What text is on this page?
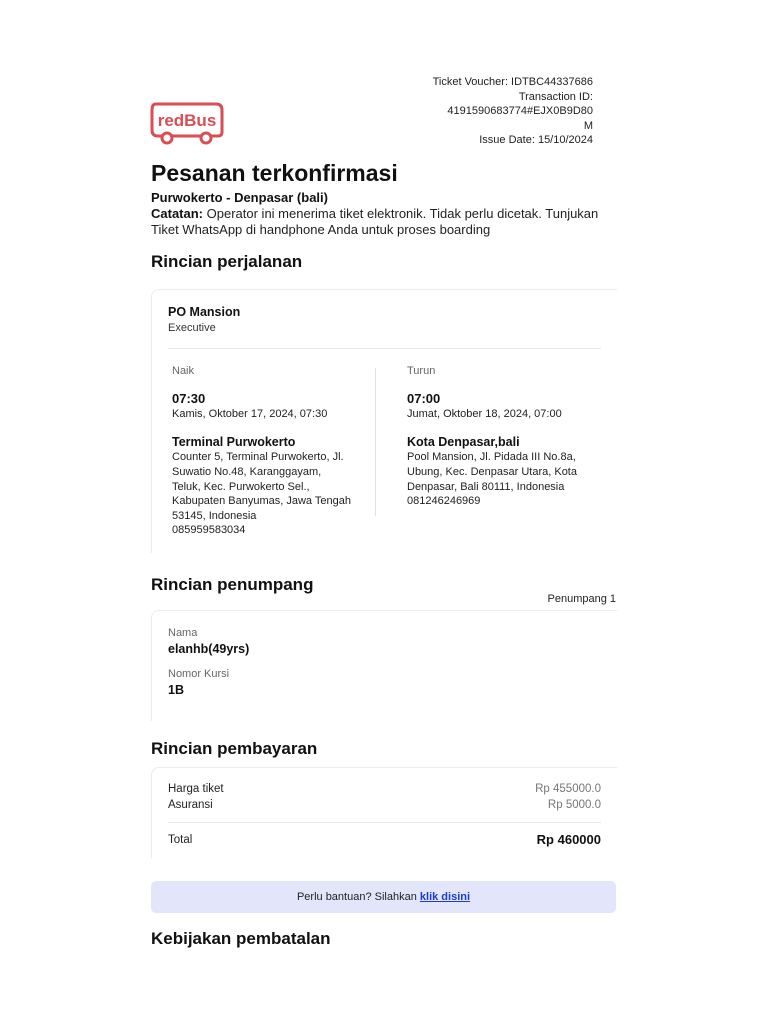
Ticket Voucher: IDTBC44337686
Transaction ID:
4191590683774#EJX0B9D80
M
Issue Date: 15/10/2024
redBus
Pesanan terkonfirmasi
Purwokerto - Denpasar (bali)
Catatan: Operator ini menerima tiket elektronik. Tidak perlu dicetak. Tunjukan Tiket WhatsApp di handphone Anda untuk proses boarding
Rincian perjalanan
PO Mansion
Executive
Naik
07:30
Kamis, Oktober 17, 2024, 07:30
Terminal Purwokerto
Counter 5, Terminal Purwokerto, Jl. Suwatio No.48, Karanggayam, Teluk, Kec. Purwokerto Sel., Kabupaten Banyumas, Jawa Tengah 53145, Indonesia
085959583034
Turun
07:00
Jumat, Oktober 18, 2024, 07:00
Kota Denpasar,bali
Pool Mansion, Jl. Pidada III No.8a, Ubung, Kec. Denpasar Utara, Kota Denpasar, Bali 80111, Indonesia
081246246969
Rincian penumpang
Penumpang 1
Nama
elanhb(49yrs)
Nomor Kursi
1B
Rincian pembayaran
Harga tiket	Rp 455000.0
Asuransi	Rp 5000.0
Total	Rp 460000
Perlu bantuan? Silahkan klik disini
Kebijakan pembatalan
